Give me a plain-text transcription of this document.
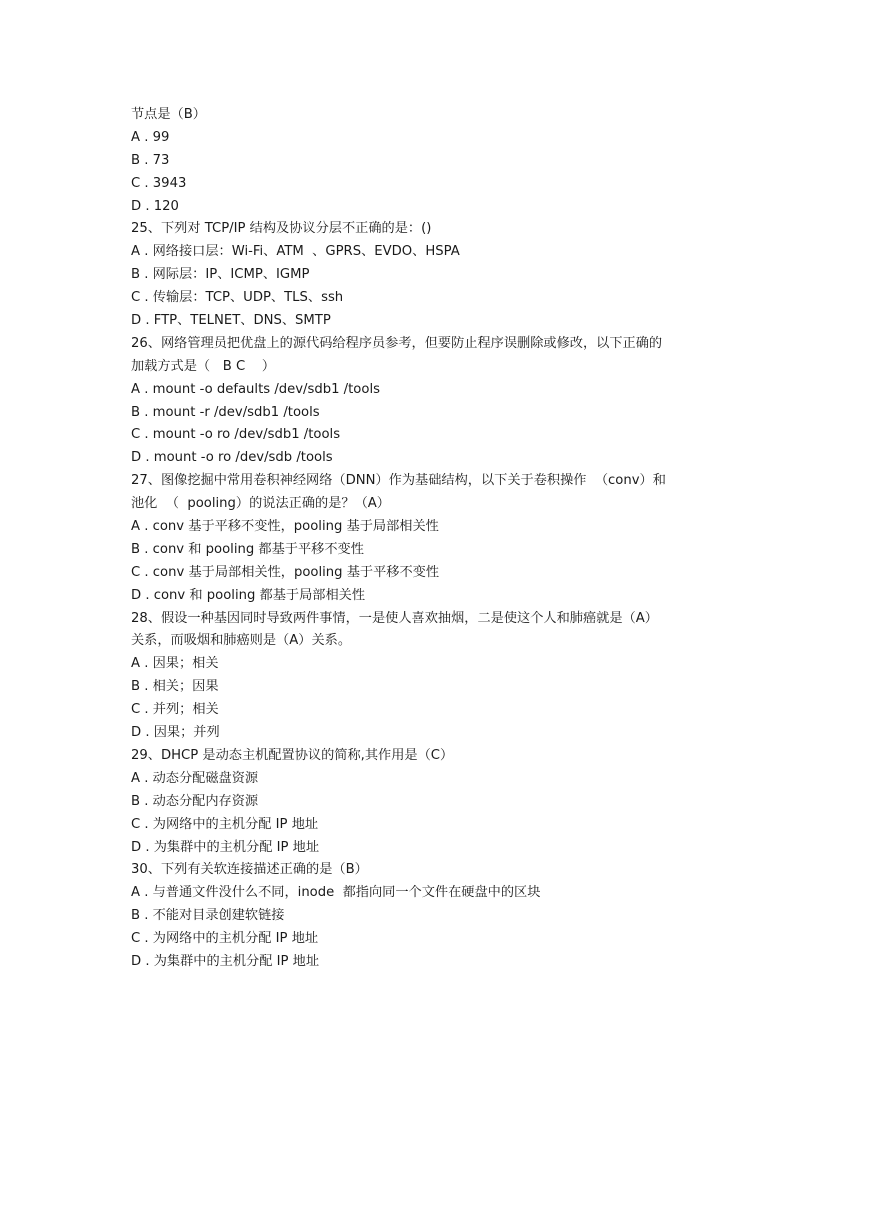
节点是（B）
A . 99
B . 73
C . 3943
D . 120
25、下列对 TCP/IP 结构及协议分层不正确的是：()
A . 网络接口层：Wi-Fi、ATM  、GPRS、EVDO、HSPA
B . 网际层：IP、ICMP、IGMP
C . 传输层：TCP、UDP、TLS、ssh
D . FTP、TELNET、DNS、SMTP
26、网络管理员把优盘上的源代码给程序员参考，但要防止程序误删除或修改，以下正确的
加载方式是（   B C    ）
A . mount -o defaults /dev/sdb1 /tools
B . mount -r /dev/sdb1 /tools
C . mount -o ro /dev/sdb1 /tools
D . mount -o ro /dev/sdb /tools
27、图像挖掘中常用卷积神经网络（DNN）作为基础结构，以下关于卷积操作  （conv）和
池化  （  pooling）的说法正确的是？（A）
A . conv 基于平移不变性，pooling 基于局部相关性
B . conv 和 pooling 都基于平移不变性
C . conv 基于局部相关性，pooling 基于平移不变性
D . conv 和 pooling 都基于局部相关性
28、假设一种基因同时导致两件事情，一是使人喜欢抽烟，二是使这个人和肺癌就是（A）
关系，而吸烟和肺癌则是（A）关系。
A . 因果；相关
B . 相关；因果
C . 并列；相关
D . 因果；并列
29、DHCP 是动态主机配置协议的简称,其作用是（C）
A . 动态分配磁盘资源
B . 动态分配内存资源
C . 为网络中的主机分配 IP 地址
D . 为集群中的主机分配 IP 地址
30、下列有关软连接描述正确的是（B）
A . 与普通文件没什么不同，inode  都指向同一个文件在硬盘中的区块
B . 不能对目录创建软链接
C . 为网络中的主机分配 IP 地址
D . 为集群中的主机分配 IP 地址
